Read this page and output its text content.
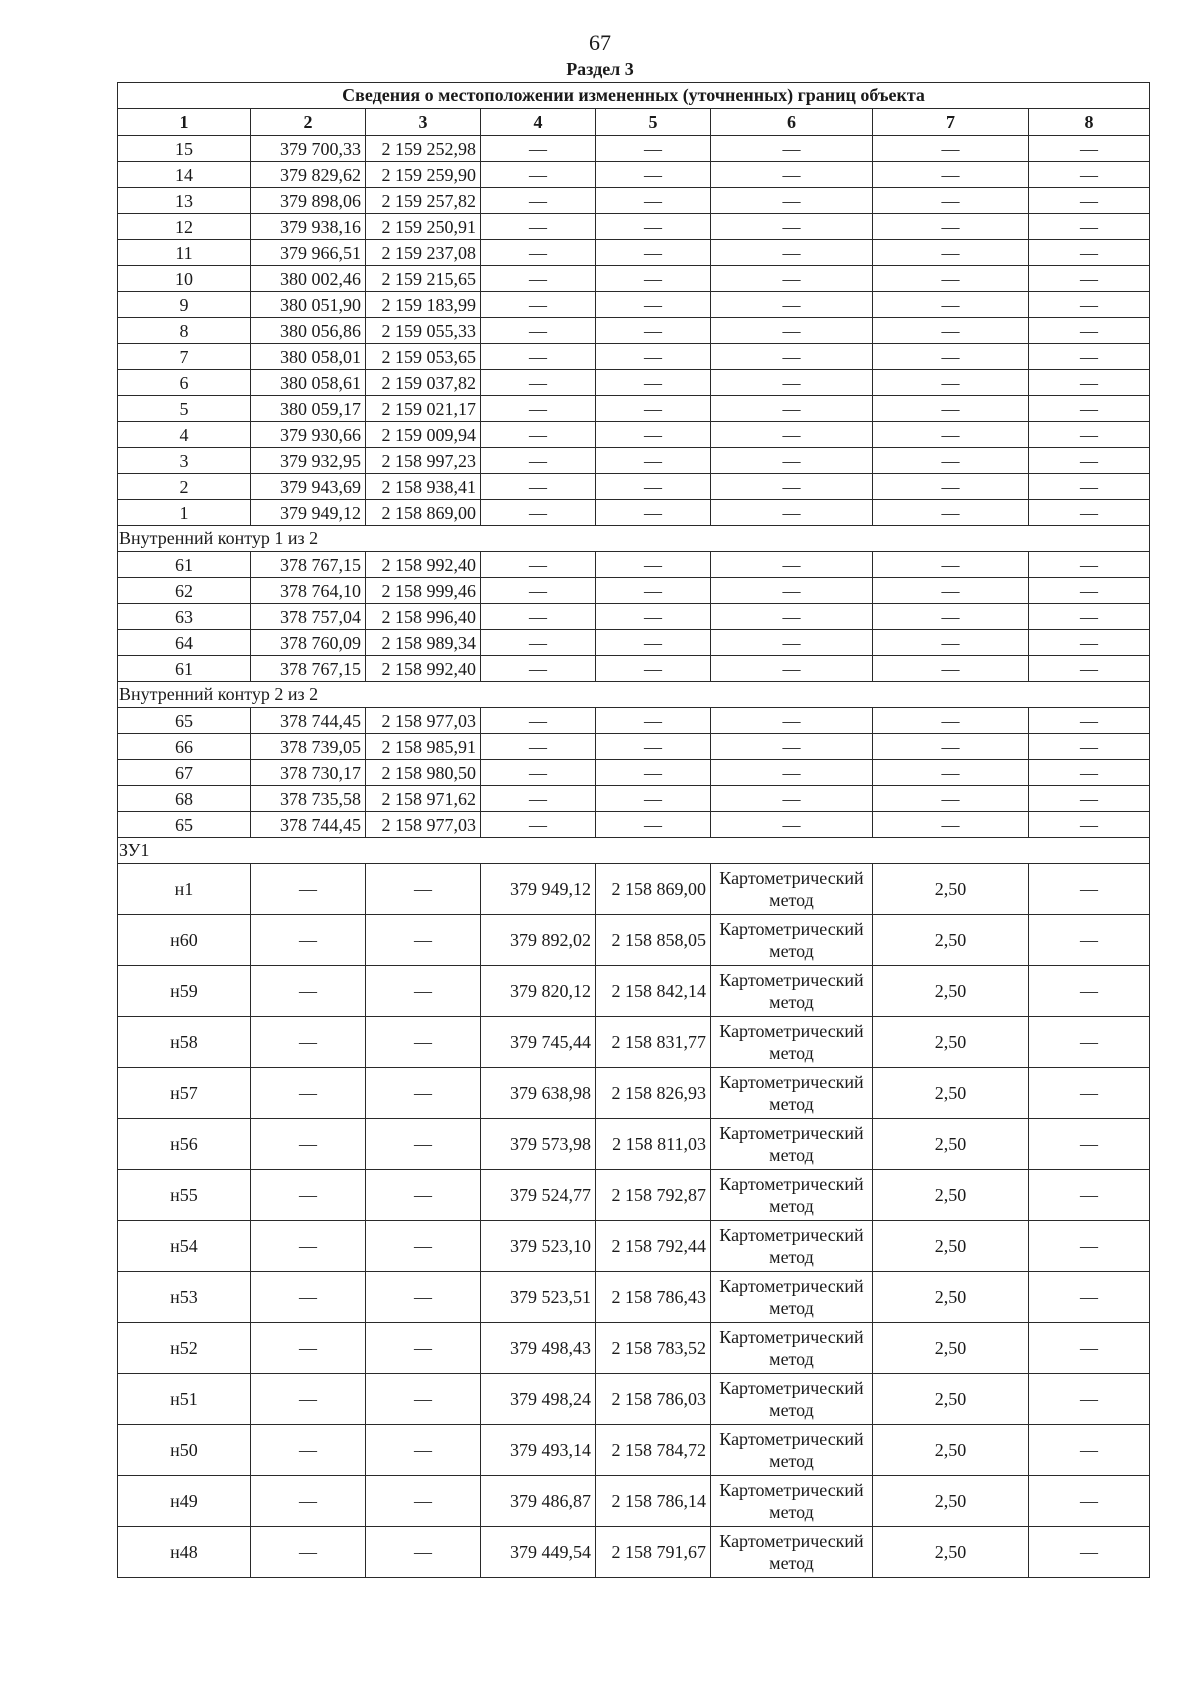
67
Раздел 3
Сведения о местоположении измененных (уточненных) границ объекта							
1	2	3	4	5	6	7	8
15	379 700,33	2 159 252,98	—	—	—	—	—
14	379 829,62	2 159 259,90	—	—	—	—	—
13	379 898,06	2 159 257,82	—	—	—	—	—
12	379 938,16	2 159 250,91	—	—	—	—	—
11	379 966,51	2 159 237,08	—	—	—	—	—
10	380 002,46	2 159 215,65	—	—	—	—	—
9	380 051,90	2 159 183,99	—	—	—	—	—
8	380 056,86	2 159 055,33	—	—	—	—	—
7	380 058,01	2 159 053,65	—	—	—	—	—
6	380 058,61	2 159 037,82	—	—	—	—	—
5	380 059,17	2 159 021,17	—	—	—	—	—
4	379 930,66	2 159 009,94	—	—	—	—	—
3	379 932,95	2 158 997,23	—	—	—	—	—
2	379 943,69	2 158 938,41	—	—	—	—	—
1	379 949,12	2 158 869,00	—	—	—	—	—
Внутренний контур 1 из 2							
61	378 767,15	2 158 992,40	—	—	—	—	—
62	378 764,10	2 158 999,46	—	—	—	—	—
63	378 757,04	2 158 996,40	—	—	—	—	—
64	378 760,09	2 158 989,34	—	—	—	—	—
61	378 767,15	2 158 992,40	—	—	—	—	—
Внутренний контур 2 из 2							
65	378 744,45	2 158 977,03	—	—	—	—	—
66	378 739,05	2 158 985,91	—	—	—	—	—
67	378 730,17	2 158 980,50	—	—	—	—	—
68	378 735,58	2 158 971,62	—	—	—	—	—
65	378 744,45	2 158 977,03	—	—	—	—	—
ЗУ1							
н1	—	—	379 949,12	2 158 869,00	Картометрический метод	2,50	—
н60	—	—	379 892,02	2 158 858,05	Картометрический метод	2,50	—
н59	—	—	379 820,12	2 158 842,14	Картометрический метод	2,50	—
н58	—	—	379 745,44	2 158 831,77	Картометрический метод	2,50	—
н57	—	—	379 638,98	2 158 826,93	Картометрический метод	2,50	—
н56	—	—	379 573,98	2 158 811,03	Картометрический метод	2,50	—
н55	—	—	379 524,77	2 158 792,87	Картометрический метод	2,50	—
н54	—	—	379 523,10	2 158 792,44	Картометрический метод	2,50	—
н53	—	—	379 523,51	2 158 786,43	Картометрический метод	2,50	—
н52	—	—	379 498,43	2 158 783,52	Картометрический метод	2,50	—
н51	—	—	379 498,24	2 158 786,03	Картометрический метод	2,50	—
н50	—	—	379 493,14	2 158 784,72	Картометрический метод	2,50	—
н49	—	—	379 486,87	2 158 786,14	Картометрический метод	2,50	—
н48	—	—	379 449,54	2 158 791,67	Картометрический метод	2,50	—
